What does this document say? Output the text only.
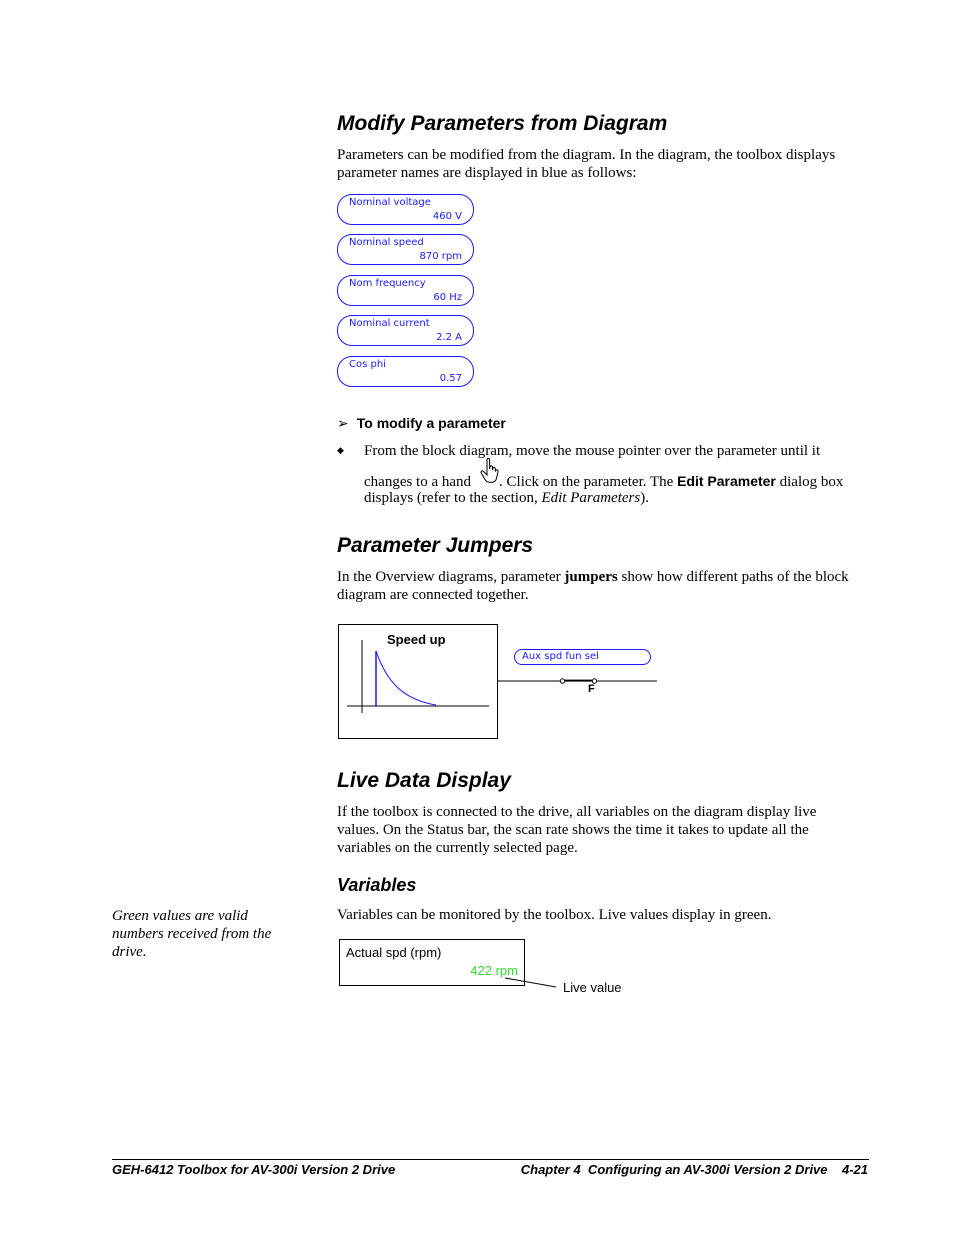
Modify Parameters from Diagram
Parameters can be modified from the diagram. In the diagram, the toolbox displays
parameter names are displayed in blue as follows:
Nominal voltage
460 V
Nominal speed
870 rpm
Nom frequency
60 Hz
Nominal current
2.2 A
Cos phi
0.57
➢ To modify a parameter
◆ From the block diagram, move the mouse pointer over the parameter until it
changes to a hand . Click on the parameter. The Edit Parameter dialog box
displays (refer to the section, Edit Parameters).
Parameter Jumpers
In the Overview diagrams, parameter jumpers show how different paths of the block
diagram are connected together.
Speed up
Aux spd fun sel
F
Live Data Display
If the toolbox is connected to the drive, all variables on the diagram display live
values. On the Status bar, the scan rate shows the time it takes to update all the
variables on the currently selected page.
Variables
Green values are valid
numbers received from the
drive.
Variables can be monitored by the toolbox. Live values display in green.
Actual spd (rpm)
422 rpm
Live value
GEH-6412 Toolbox for AV-300i Version 2 Drive	Chapter 4  Configuring an AV-300i Version 2 Drive    4-21
